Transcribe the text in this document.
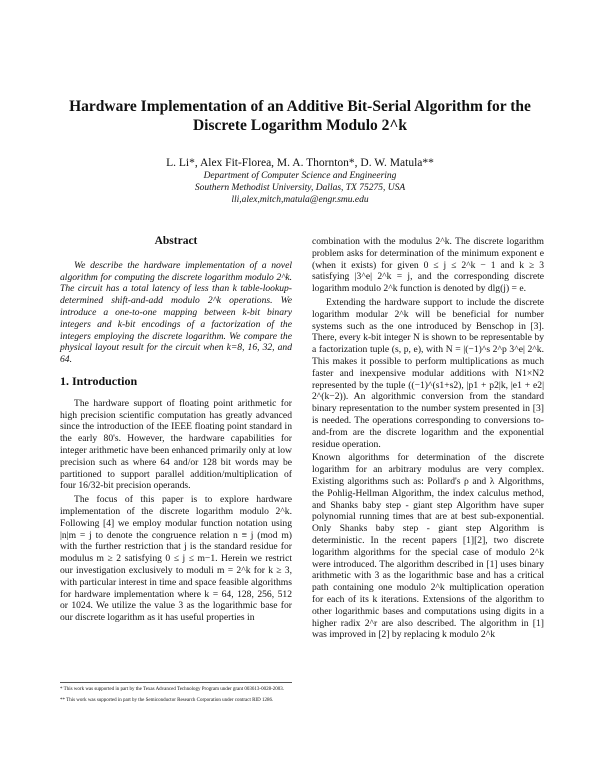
Hardware Implementation of an Additive Bit-Serial Algorithm for the
Discrete Logarithm Modulo 2^k
L. Li*, Alex Fit-Florea, M. A. Thornton*, D. W. Matula**
Department of Computer Science and Engineering
Southern Methodist University, Dallas, TX 75275, USA
lli,alex,mitch,matula@engr.smu.edu
Abstract

We describe the hardware implementation of a novel algorithm for computing the discrete logarithm modulo 2^k. The circuit has a total latency of less than k table-lookup-determined shift-and-add modulo 2^k operations. We introduce a one-to-one mapping between k-bit binary integers and k-bit encodings of a factorization of the integers employing the discrete logarithm. We compare the physical layout result for the circuit when k=8, 16, 32, and 64.

1. Introduction

The hardware support of floating point arithmetic for high precision scientific computation has greatly advanced since the introduction of the IEEE floating point standard in the early 80's. However, the hardware capabilities for integer arithmetic have been enhanced primarily only at low precision such as where 64 and/or 128 bit words may be partitioned to support parallel addition/multiplication of four 16/32-bit precision operands.

The focus of this paper is to explore hardware implementation of the discrete logarithm modulo 2^k. Following [4] we employ modular function notation using |n|m = j to denote the congruence relation n ≡ j (mod m) with the further restriction that j is the standard residue for modulus m ≥ 2 satisfying 0 ≤ j ≤ m−1. Herein we restrict our investigation exclusively to moduli m = 2^k for k ≥ 3, with particular interest in time and space feasible algorithms for hardware implementation where k = 64, 128, 256, 512 or 1024. We utilize the value 3 as the logarithmic base for our discrete logarithm as it has useful properties in

combination with the modulus 2^k. The discrete logarithm problem asks for determination of the minimum exponent e (when it exists) for given 0 ≤ j ≤ 2^k − 1 and k ≥ 3 satisfying |3^e| 2^k = j, and the corresponding discrete logarithm modulo 2^k function is denoted by dlg(j) = e.

Extending the hardware support to include the discrete logarithm modular 2^k will be beneficial for number systems such as the one introduced by Benschop in [3]. There, every k-bit integer N is shown to be representable by a factorization tuple (s, p, e), with N = |(−1)^s 2^p 3^e| 2^k. This makes it possible to perform multiplications as much faster and inexpensive modular additions with N1×N2 represented by the tuple ((−1)^(s1+s2), |p1 + p2|k, |e1 + e2| 2^(k−2)). An algorithmic conversion from the standard binary representation to the number system presented in [3] is needed. The operations corresponding to conversions to-and-from are the discrete logarithm and the exponential residue operation.

Known algorithms for determination of the discrete logarithm for an arbitrary modulus are very complex. Existing algorithms such as: Pollard's ρ and λ Algorithms, the Pohlig-Hellman Algorithm, the index calculus method, and Shanks baby step - giant step Algorithm have super polynomial running times that are at best sub-exponential. Only Shanks baby step - giant step Algorithm is deterministic. In the recent papers [1][2], two discrete logarithm algorithms for the special case of modulo 2^k were introduced. The algorithm described in [1] uses binary arithmetic with 3 as the logarithmic base and has a critical path containing one modulo 2^k multiplication operation for each of its k iterations. Extensions of the algorithm to other logarithmic bases and computations using digits in a higher radix 2^r are also described. The algorithm in [1] was improved in [2] by replacing k modulo 2^k

* This work was supported in part by the Texas Advanced Technology Program under grant 003613-0028-2003.

** This work was supported in part by the Semiconductor Research Corporation under contract RID 1286.
